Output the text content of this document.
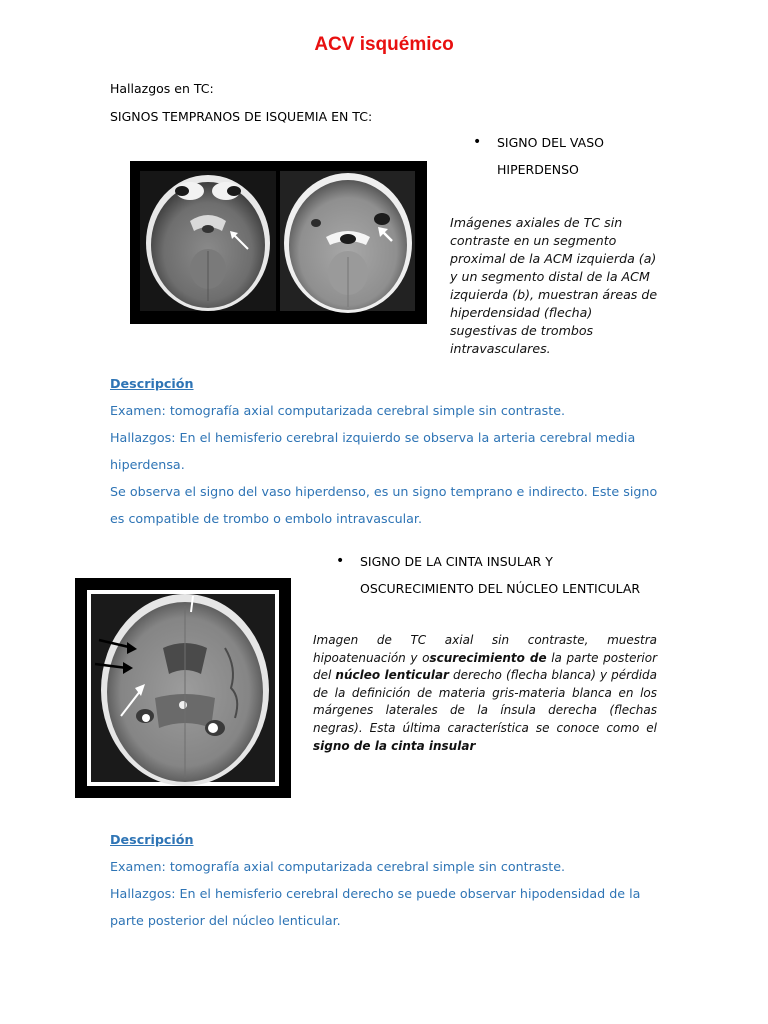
ACV isquémico
Hallazgos en TC:
SIGNOS TEMPRANOS DE ISQUEMIA EN TC:
• SIGNO DEL VASO
HIPERDENSO
Imágenes axiales de TC sin
contraste en un segmento
proximal de la ACM izquierda (a)
y un segmento distal de la ACM
izquierda (b), muestran áreas de
hiperdensidad (flecha)
sugestivas de trombos
intravasculares.
Descripción
Examen: tomografía axial computarizada cerebral simple sin contraste.
Hallazgos: En el hemisferio cerebral izquierdo se observa la arteria cerebral media
hiperdensa.
Se observa el signo del vaso hiperdenso, es un signo temprano e indirecto. Este signo
es compatible de trombo o embolo intravascular.
• SIGNO DE LA CINTA INSULAR Y
OSCURECIMIENTO DEL NÚCLEO LENTICULAR
Imagen de TC axial sin contraste, muestra hipoatenuación y oscurecimiento de la parte posterior del núcleo lenticular derecho (flecha blanca) y pérdida de la definición de materia gris-materia blanca en los márgenes laterales de la ínsula derecha (flechas negras). Esta última característica se conoce como el signo de la cinta insular
Descripción
Examen: tomografía axial computarizada cerebral simple sin contraste.
Hallazgos: En el hemisferio cerebral derecho se puede observar hipodensidad de la
parte posterior del núcleo lenticular.
